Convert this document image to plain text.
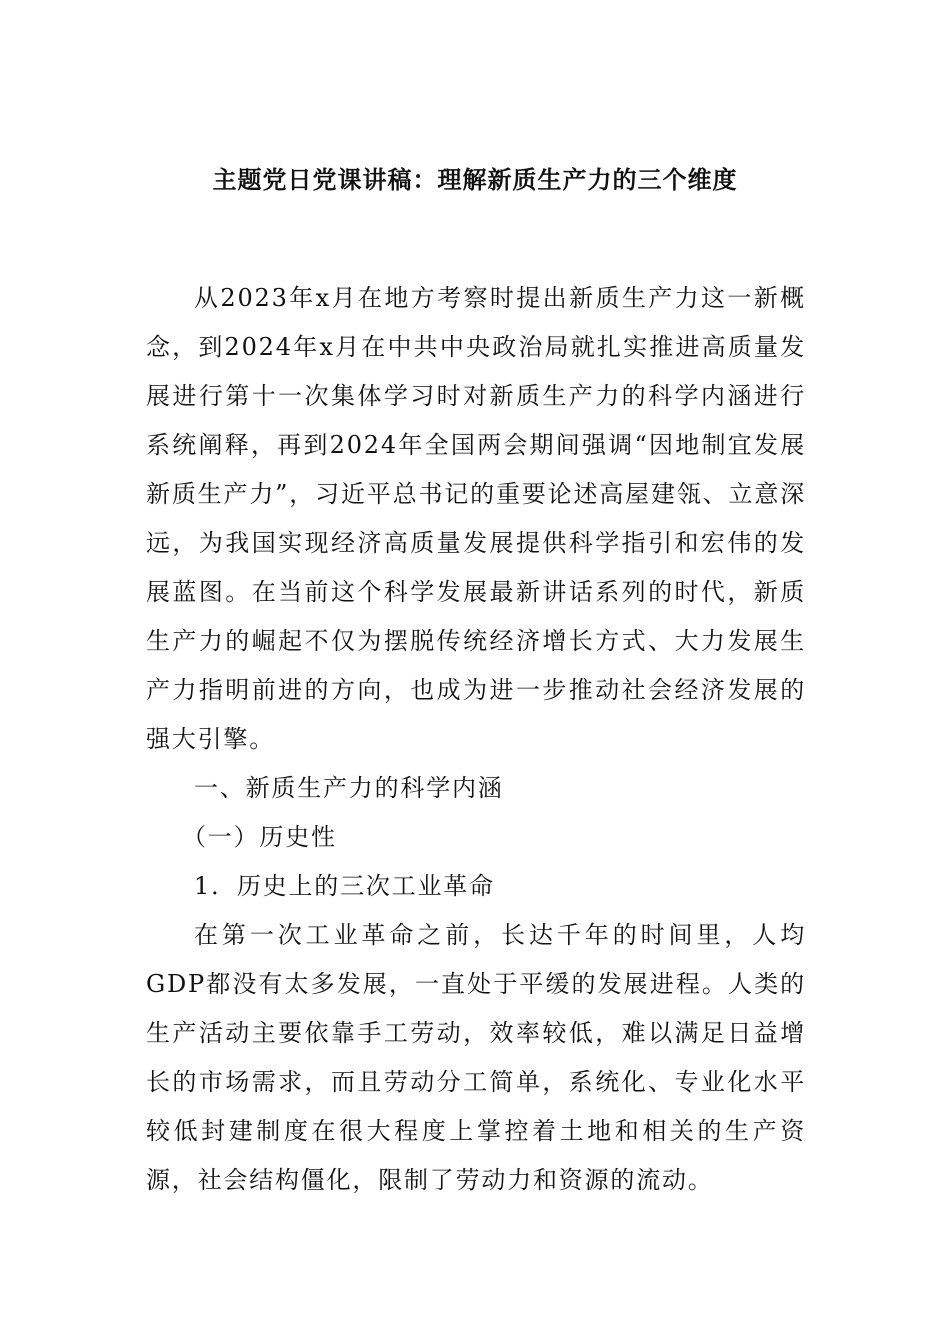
主题党日党课讲稿：理解新质生产力的三个维度

从2023年x月在地方考察时提出新质生产力这一新概念，到2024年x月在中共中央政治局就扎实推进高质量发展进行第十一次集体学习时对新质生产力的科学内涵进行系统阐释，再到2024年全国两会期间强调“因地制宜发展新质生产力”，习近平总书记的重要论述高屋建瓴、立意深远，为我国实现经济高质量发展提供科学指引和宏伟的发展蓝图。在当前这个科学发展最新讲话系列的时代，新质生产力的崛起不仅为摆脱传统经济增长方式、大力发展生产力指明前进的方向，也成为进一步推动社会经济发展的强大引擎。

一、新质生产力的科学内涵

（一）历史性

1．历史上的三次工业革命

在第一次工业革命之前，长达千年的时间里，人均GDP都没有太多发展，一直处于平缓的发展进程。人类的生产活动主要依靠手工劳动，效率较低，难以满足日益增长的市场需求，而且劳动分工简单，系统化、专业化水平较低封建制度在很大程度上掌控着土地和相关的生产资源，社会结构僵化，限制了劳动力和资源的流动。
